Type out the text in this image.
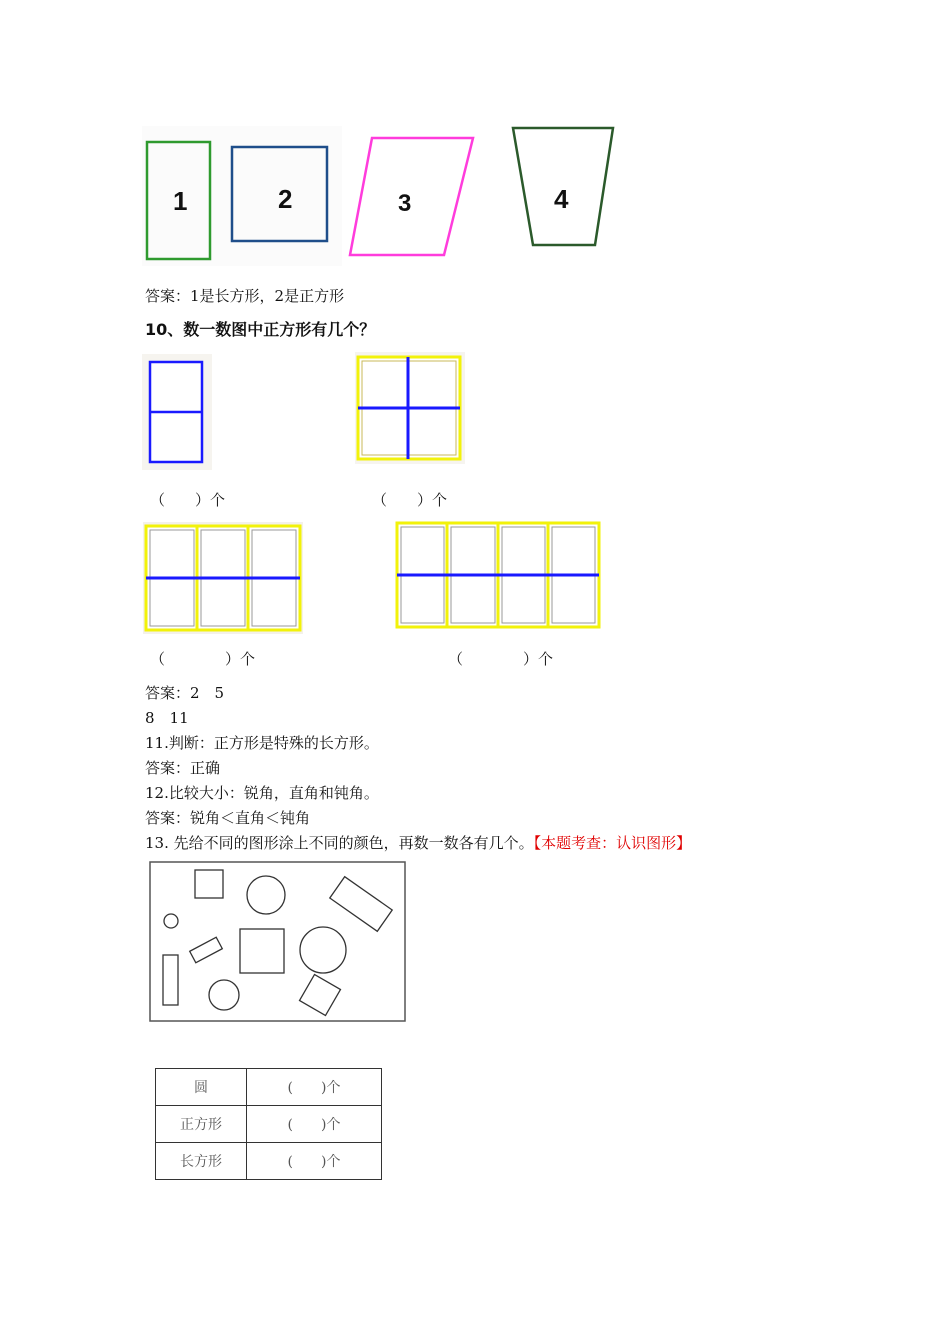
1	2	3	4
答案：1是长方形，2是正方形
10、数一数图中正方形有几个？
（　　）个	（　　）个
（　　　　）个	（　　　　）个
答案：2　5
8　11
11.判断：正方形是特殊的长方形。
答案：正确
12.比较大小：锐角，直角和钝角。
答案：锐角＜直角＜钝角
13. 先给不同的图形涂上不同的颜色，再数一数各有几个。【本题考查：认识图形】
圆	(　　)个
正方形	(　　)个
长方形	(　　)个
